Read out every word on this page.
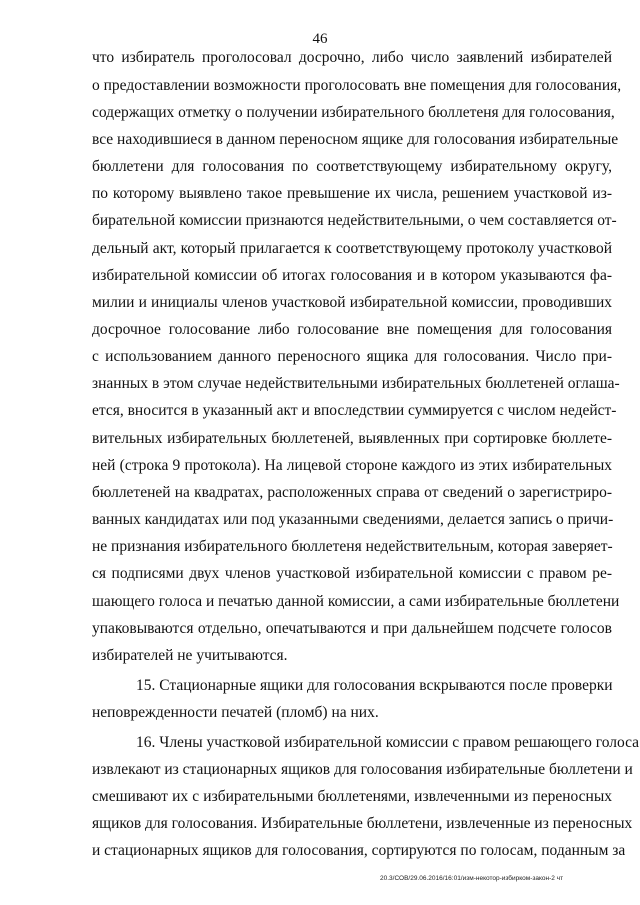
46
что избиратель проголосовал досрочно, либо число заявлений избирателей
о предоставлении возможности проголосовать вне помещения для голосования,
содержащих отметку о получении избирательного бюллетеня для голосования,
все находившиеся в данном переносном ящике для голосования избирательные
бюллетени для голосования по соответствующему избирательному округу,
по которому выявлено такое превышение их числа, решением участковой из-
бирательной комиссии признаются недействительными, о чем составляется от-
дельный акт, который прилагается к соответствующему протоколу участковой
избирательной комиссии об итогах голосования и в котором указываются фа-
милии и инициалы членов участковой избирательной комиссии, проводивших
досрочное голосование либо голосование вне помещения для голосования
с использованием данного переносного ящика для голосования. Число при-
знанных в этом случае недействительными избирательных бюллетеней оглаша-
ется, вносится в указанный акт и впоследствии суммируется с числом недейст-
вительных избирательных бюллетеней, выявленных при сортировке бюллете-
ней (строка 9 протокола). На лицевой стороне каждого из этих избирательных
бюллетеней на квадратах, расположенных справа от сведений о зарегистриро-
ванных кандидатах или под указанными сведениями, делается запись о причи-
не признания избирательного бюллетеня недействительным, которая заверяет-
ся подписями двух членов участковой избирательной комиссии с правом ре-
шающего голоса и печатью данной комиссии, а сами избирательные бюллетени
упаковываются отдельно, опечатываются и при дальнейшем подсчете голосов
избирателей не учитываются.
15. Стационарные ящики для голосования вскрываются после проверки
неповрежденности печатей (пломб) на них.
16. Члены участковой избирательной комиссии с правом решающего голоса
извлекают из стационарных ящиков для голосования избирательные бюллетени и
смешивают их с избирательными бюллетенями, извлеченными из переносных
ящиков для голосования. Избирательные бюллетени, извлеченные из переносных
и стационарных ящиков для голосования, сортируются по голосам, поданным за
20.3/СОВ/29.06.2016/16:01/изм-некотор-избирком-закон-2 чт
